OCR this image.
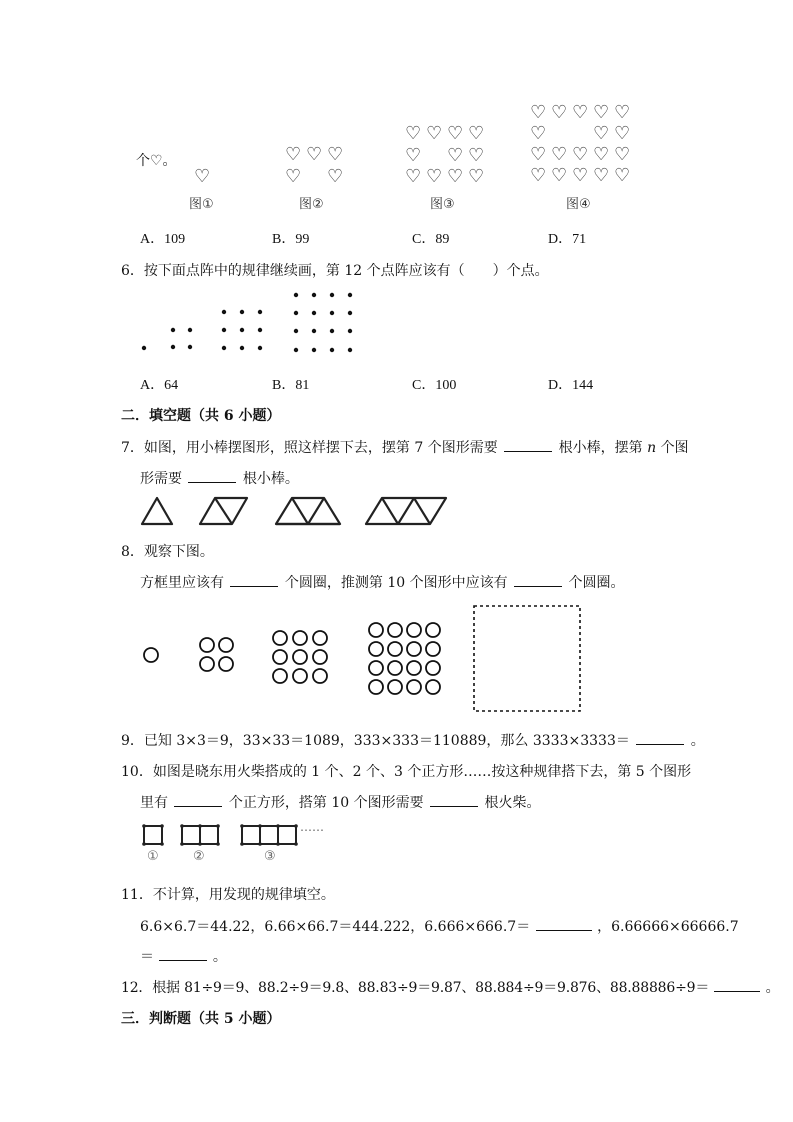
个♡。
♡
♡ ♡ ♡
♡ ♡
♡ ♡ ♡ ♡
♡ ♡ ♡
♡ ♡ ♡ ♡
♡ ♡ ♡ ♡ ♡
♡	♡ ♡
♡ ♡ ♡ ♡ ♡
♡ ♡ ♡ ♡ ♡
图①	图②	图③	图④
A．109	B．99	C．89	D．71
6．按下面点阵中的规律继续画，第 12 个点阵应该有（　　）个点。
A．64	B．81	C．100	D．144
二．填空题（共 6 小题）
7．如图，用小棒摆图形，照这样摆下去，摆第 7 个图形需要	根小棒，摆第 n 个图
形需要	根小棒。
8．观察下图。
方框里应该有	个圆圈，推测第 10 个图形中应该有	个圆圈。
9．已知 3×3＝9，33×33＝1089，333×333＝110889，那么 3333×3333＝	。
10．如图是晓东用火柴搭成的 1 个、2 个、3 个正方形……按这种规律搭下去，第 5 个图形
里有	个正方形，搭第 10 个图形需要	根火柴。
……
①	②	③
11．不计算，用发现的规律填空。
6.6×6.7＝44.22，6.66×66.7＝444.222，6.666×666.7＝	，6.66666×66666.7
＝	。
12．根据 81÷9＝9、88.2÷9＝9.8、88.83÷9＝9.87、88.884÷9＝9.876、88.88886÷9＝	。
三．判断题（共 5 小题）
